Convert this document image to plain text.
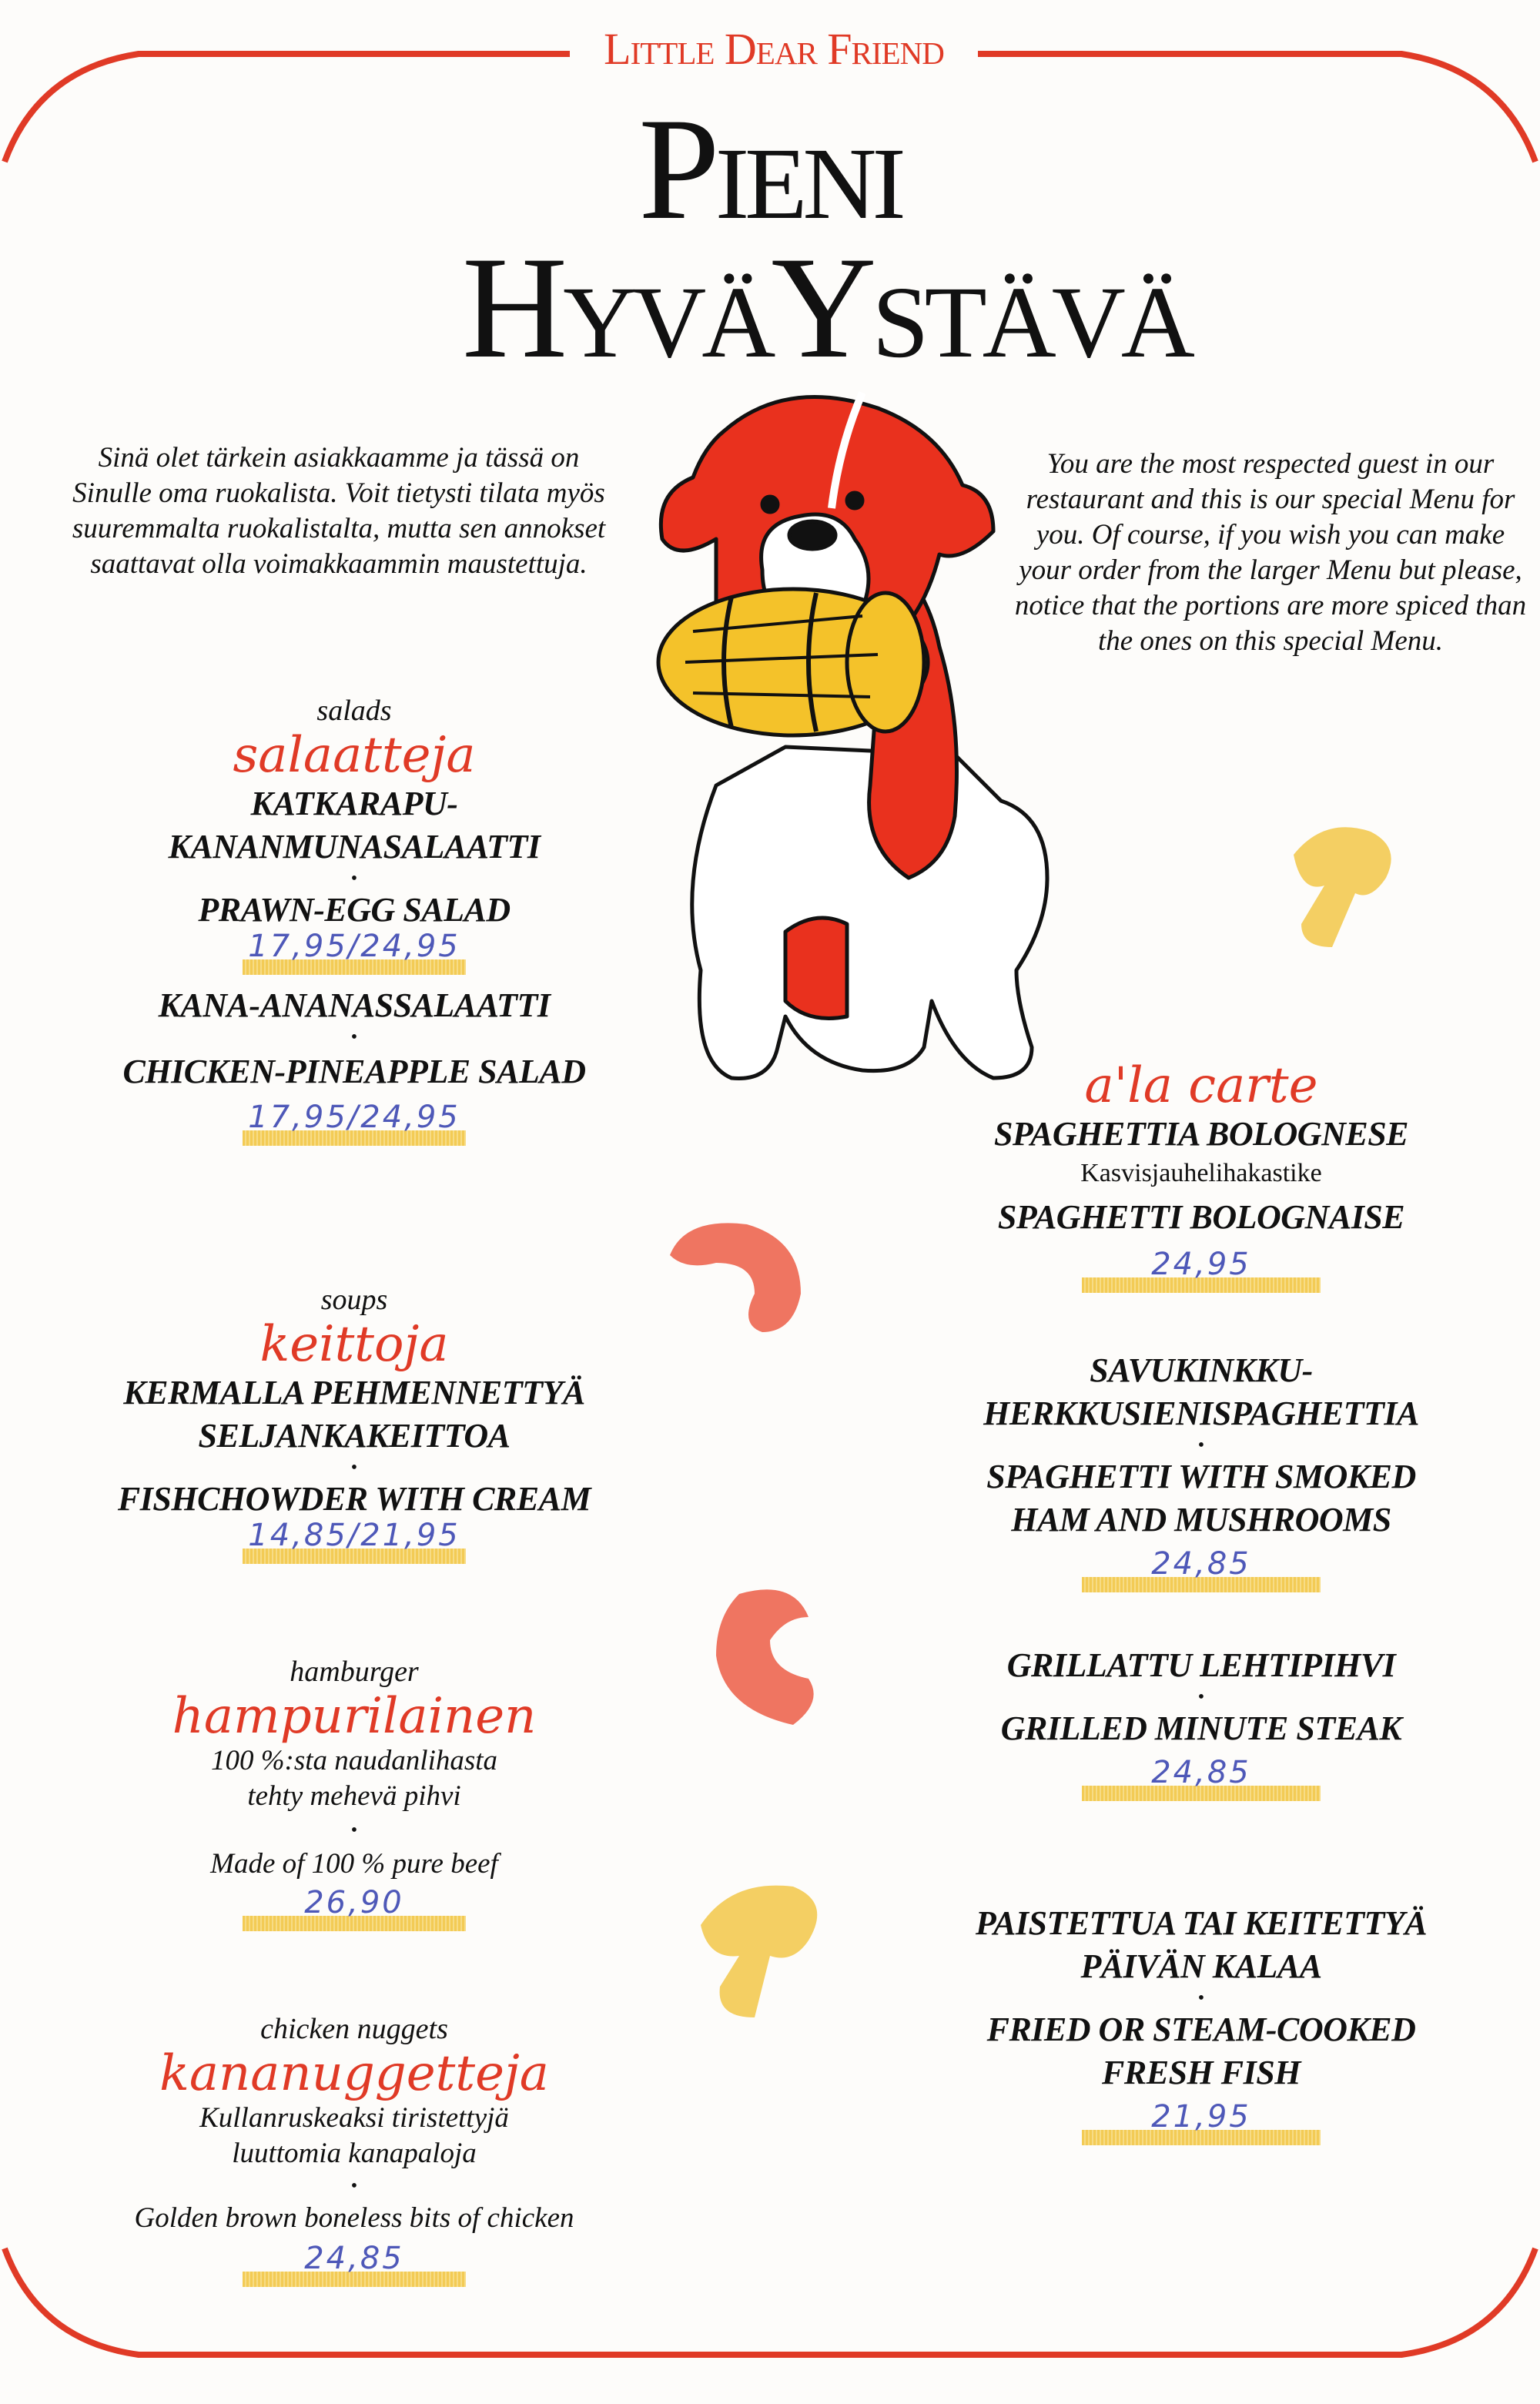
Little Dear Friend
Pieni
HyväYstävä
Sinä olet tärkein asiakkaamme ja tässä on Sinulle oma ruokalista. Voit tietysti tilata myös suuremmalta ruokalistalta, mutta sen annokset saattavat olla voimakkaammin maustettuja.
You are the most respected guest in our restaurant and this is our special Menu for you. Of course, if you wish you can make your order from the larger Menu but please, notice that the portions are more spiced than the ones on this special Menu.
salads
salaatteja
KATKARAPU-KANANMUNASALAATTI
•
PRAWN-EGG SALAD
17,95/24,95
KANA-ANANASSALAATTI
•
CHICKEN-PINEAPPLE SALAD
17,95/24,95
soups
keittoja
KERMALLA PEHMENNETTYÄ SELJANKAKEITTOA
•
FISHCHOWDER WITH CREAM
14,85/21,95
hamburger
hampurilainen
100 %:sta naudanlihasta tehty mehevä pihvi
•
Made of 100 % pure beef
26,90
chicken nuggets
kananuggetteja
Kullanruskeaksi tiristettyjä luuttomia kanapaloja
•
Golden brown boneless bits of chicken
24,85
a'la carte
SPAGHETTIA BOLOGNESE
Kasvisjauhelihakastike
SPAGHETTI BOLOGNAISE
24,95
SAVUKINKKU-HERKKUSIENISPAGHETTIA
•
SPAGHETTI WITH SMOKED HAM AND MUSHROOMS
24,85
GRILLATTU LEHTIPIHVI
•
GRILLED MINUTE STEAK
24,85
PAISTETTUA TAI KEITETTYÄ PÄIVÄN KALAA
•
FRIED OR STEAM-COOKED FRESH FISH
21,95
